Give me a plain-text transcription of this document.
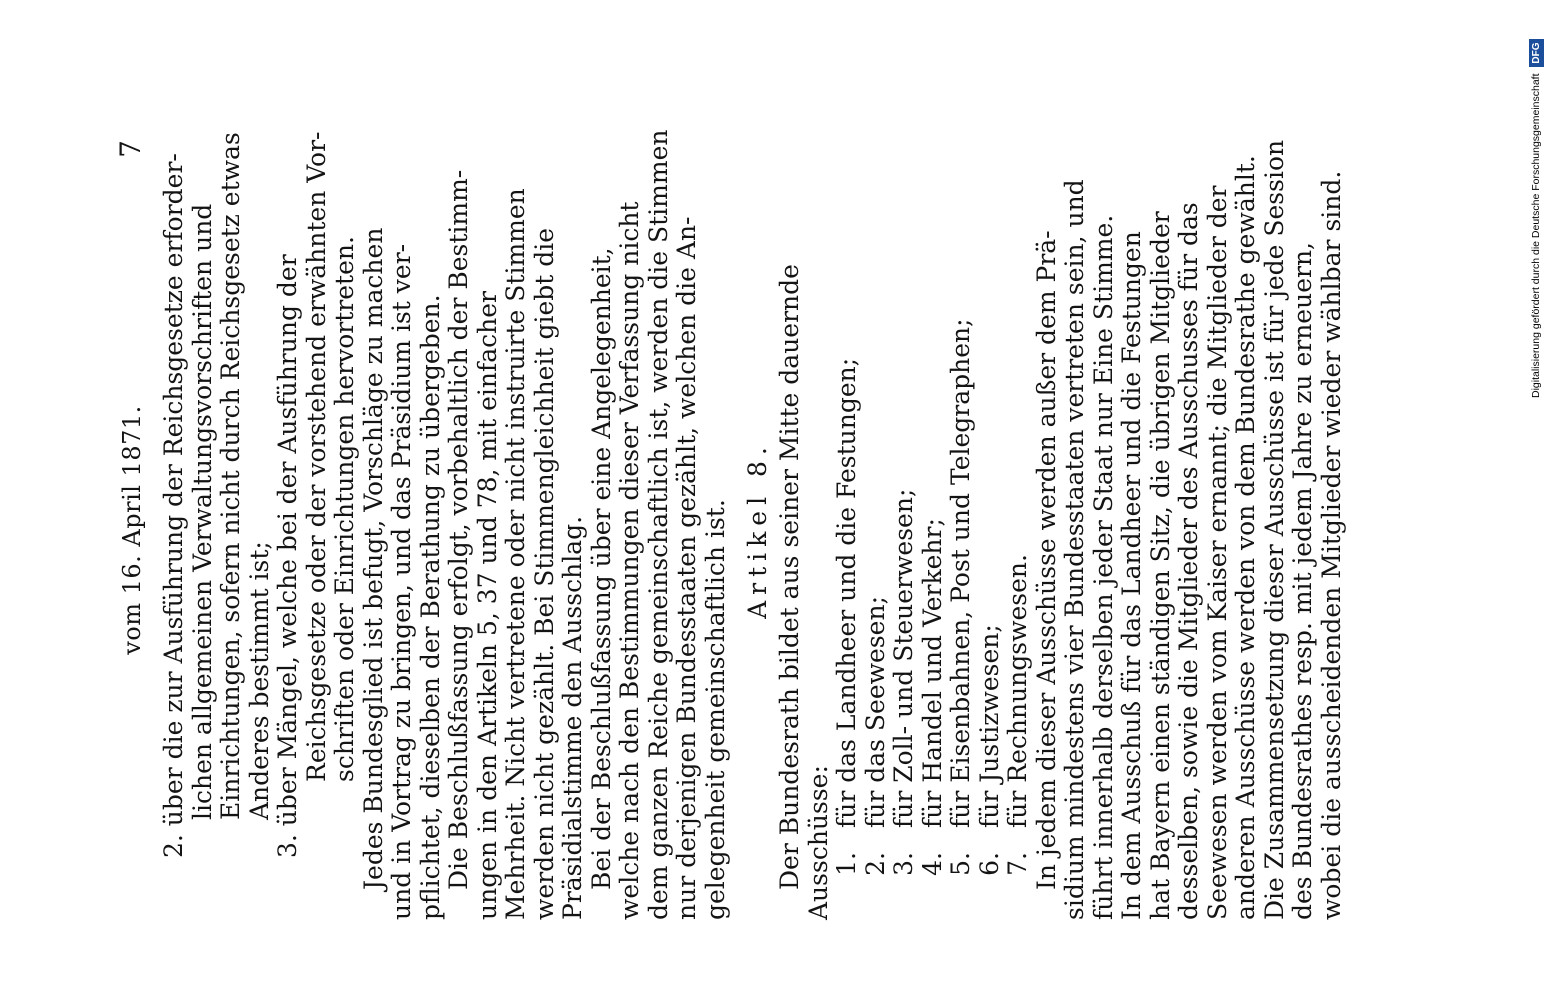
vom 16. April 1871.
7
2. über die zur Ausführung der Reichsgesetze erforder- lichen allgemeinen Verwaltungsvorschriften und Einrichtungen, sofern nicht durch Reichsgesetz etwas Anderes bestimmt ist; 3. über Mängel, welche bei der Ausführung der Reichsgesetze oder der vorstehend erwähnten Vor- schriften oder Einrichtungen hervortreten. Jedes Bundesglied ist befugt, Vorschläge zu machen und in Vortrag zu bringen, und das Präsidium ist ver- pflichtet, dieselben der Berathung zu übergeben. Die Beschlußfassung erfolgt, vorbehaltlich der Bestimm- ungen in den Artikeln 5, 37 und 78, mit einfacher Mehrheit. Nicht vertretene oder nicht instruirte Stimmen werden nicht gezählt. Bei Stimmengleichheit giebt die Präsidialstimme den Ausschlag. Bei der Beschlußfassung über eine Angelegenheit, welche nach den Bestimmungen dieser Verfassung nicht dem ganzen Reiche gemeinschaftlich ist, werden die Stimmen nur derjenigen Bundesstaaten gezählt, welchen die An- gelegenheit gemeinschaftlich ist. Artikel 8. Der Bundesrath bildet aus seiner Mitte dauernde Ausschüsse: 1.für das Landheer und die Festungen;
2.für das Seewesen;
3.für Zoll- und Steuerwesen;
4.für Handel und Verkehr;
5.für Eisenbahnen, Post und Telegraphen;
6.für Justizwesen;
7.für Rechnungswesen. In jedem dieser Ausschüsse werden außer dem Prä- sidium mindestens vier Bundesstaaten vertreten sein, und führt innerhalb derselben jeder Staat nur Eine Stimme. In dem Ausschuß für das Landheer und die Festungen hat Bayern einen ständigen Sitz, die übrigen Mitglieder desselben, sowie die Mitglieder des Ausschusses für das Seewesen werden vom Kaiser ernannt; die Mitglieder der anderen Ausschüsse werden von dem Bundesrathe gewählt. Die Zusammensetzung dieser Ausschüsse ist für jede Session des Bundesrathes resp. mit jedem Jahre zu erneuern, wobei die ausscheidenden Mitglieder wieder wählbar sind.	Digitalisierung gefördert durch die Deutsche Forschungsgemeinschaft DFG
